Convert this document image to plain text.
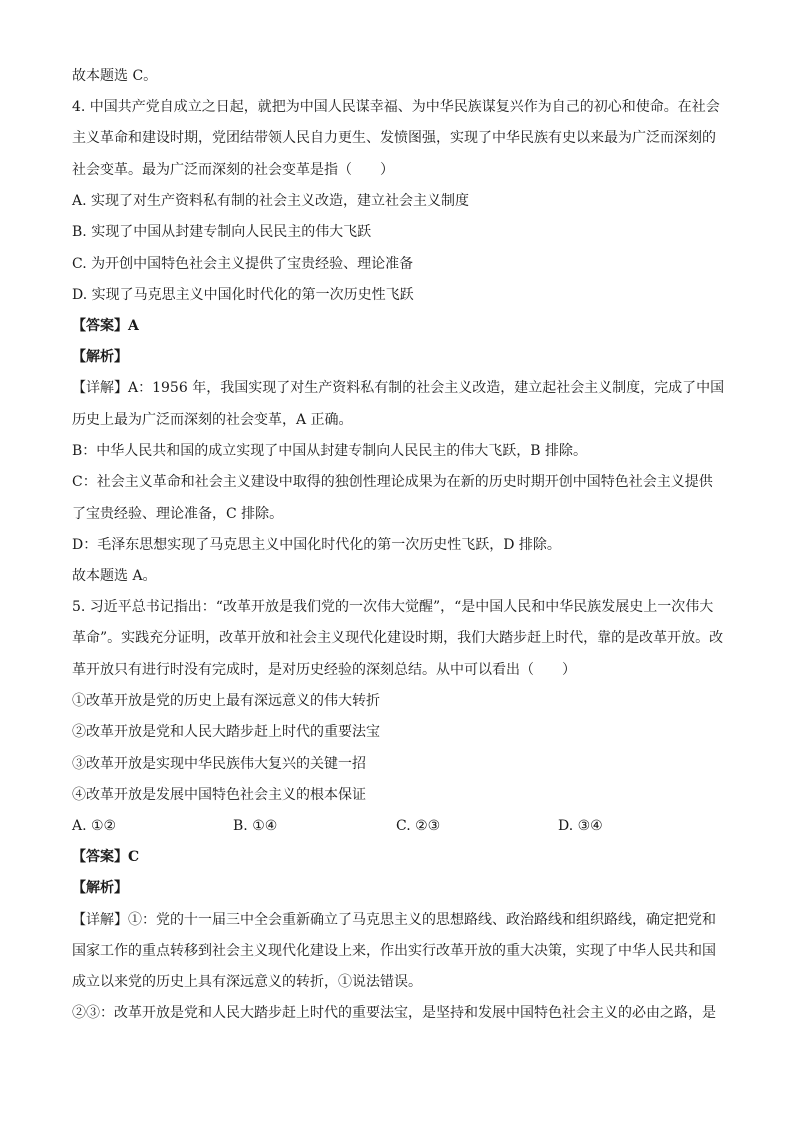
故本题选 C。

4. 中国共产党自成立之日起，就把为中国人民谋幸福、为中华民族谋复兴作为自己的初心和使命。在社会

主义革命和建设时期，党团结带领人民自力更生、发愤图强，实现了中华民族有史以来最为广泛而深刻的

社会变革。最为广泛而深刻的社会变革是指（　　）

A. 实现了对生产资料私有制的社会主义改造，建立社会主义制度

B. 实现了中国从封建专制向人民民主的伟大飞跃

C. 为开创中国特色社会主义提供了宝贵经验、理论准备

D. 实现了马克思主义中国化时代化的第一次历史性飞跃

【答案】A

【解析】

【详解】A：1956 年，我国实现了对生产资料私有制的社会主义改造，建立起社会主义制度，完成了中国

历史上最为广泛而深刻的社会变革，A 正确。

B：中华人民共和国的成立实现了中国从封建专制向人民民主的伟大飞跃，B 排除。

C：社会主义革命和社会主义建设中取得的独创性理论成果为在新的历史时期开创中国特色社会主义提供

了宝贵经验、理论准备，C 排除。

D：毛泽东思想实现了马克思主义中国化时代化的第一次历史性飞跃，D 排除。

故本题选 A。

5. 习近平总书记指出：“改革开放是我们党的一次伟大觉醒”，“是中国人民和中华民族发展史上一次伟大

革命”。实践充分证明，改革开放和社会主义现代化建设时期，我们大踏步赶上时代，靠的是改革开放。改

革开放只有进行时没有完成时，是对历史经验的深刻总结。从中可以看出（　　）

①改革开放是党的历史上最有深远意义的伟大转折

②改革开放是党和人民大踏步赶上时代的重要法宝

③改革开放是实现中华民族伟大复兴的关键一招

④改革开放是发展中国特色社会主义的根本保证

A. ①②	B. ①④	C. ②③	D. ③④

【答案】C

【解析】

【详解】①：党的十一届三中全会重新确立了马克思主义的思想路线、政治路线和组织路线，确定把党和

国家工作的重点转移到社会主义现代化建设上来，作出实行改革开放的重大决策，实现了中华人民共和国

成立以来党的历史上具有深远意义的转折，①说法错误。

②③：改革开放是党和人民大踏步赶上时代的重要法宝，是坚持和发展中国特色社会主义的必由之路，是
